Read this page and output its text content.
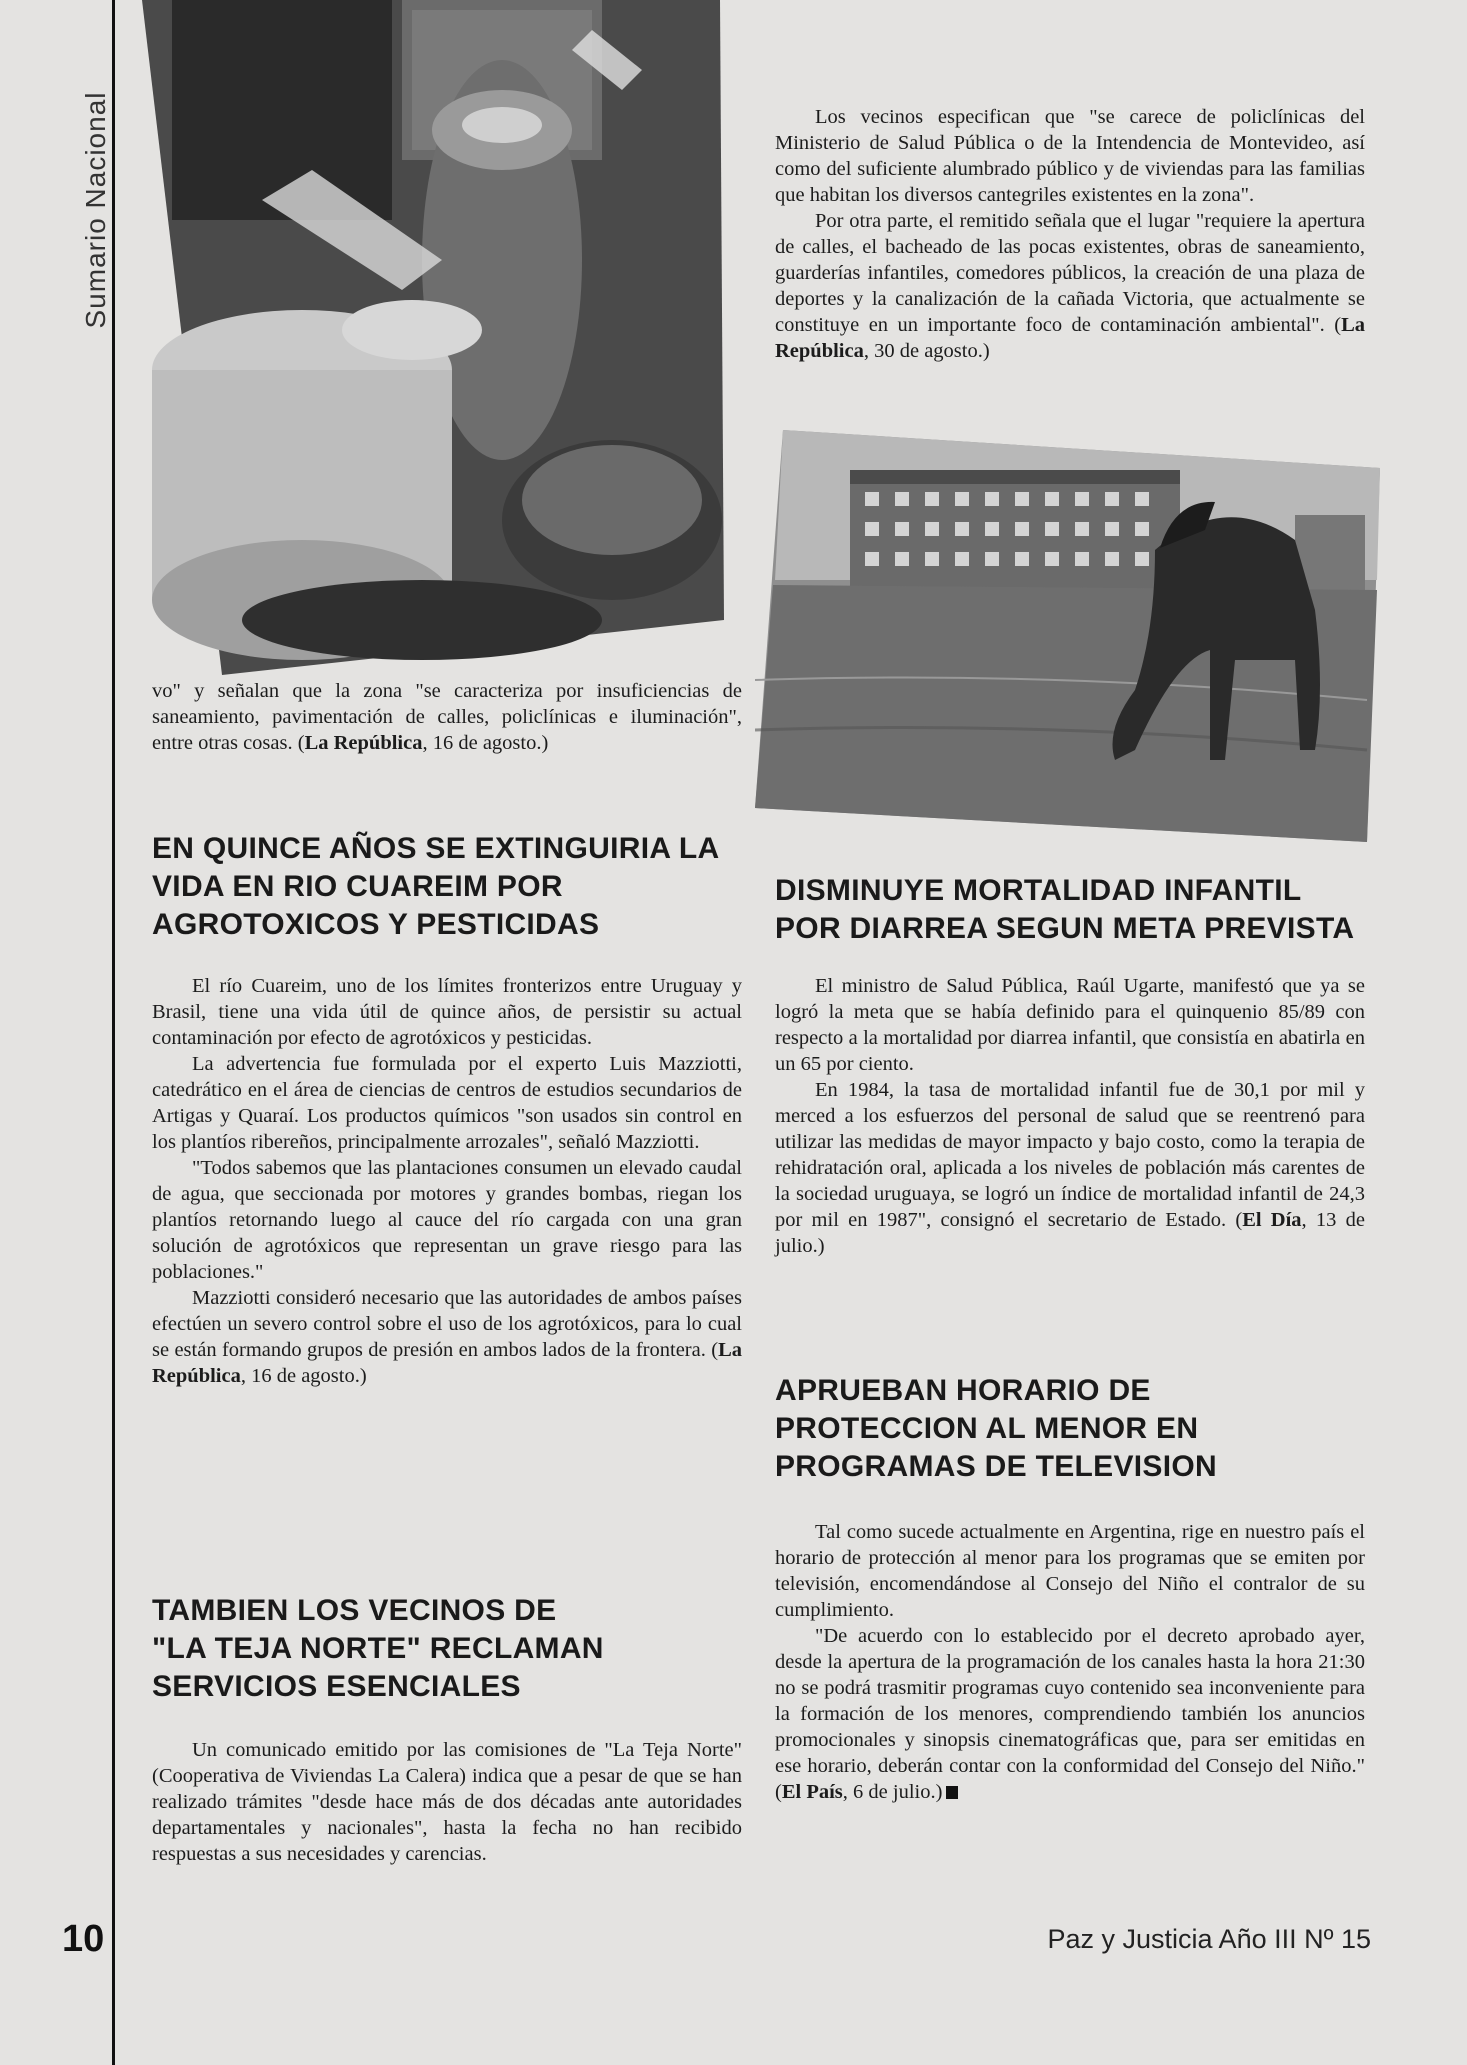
Sumario Nacional

vo" y señalan que la zona "se caracteriza por insuficiencias de saneamiento, pavimentación de calles, policlínicas e iluminación", entre otras cosas. (La República, 16 de agosto.)

EN QUINCE AÑOS SE EXTINGUIRIA LA
VIDA EN RIO CUAREIM POR
AGROTOXICOS Y PESTICIDAS

El río Cuareim, uno de los límites fronterizos entre Uruguay y Brasil, tiene una vida útil de quince años, de persistir su actual contaminación por efecto de agrotóxicos y pesticidas.

La advertencia fue formulada por el experto Luis Mazziotti, catedrático en el área de ciencias de centros de estudios secundarios de Artigas y Quaraí. Los productos químicos "son usados sin control en los plantíos ribereños, principalmente arrozales", señaló Mazziotti.

"Todos sabemos que las plantaciones consumen un elevado caudal de agua, que seccionada por motores y grandes bombas, riegan los plantíos retornando luego al cauce del río cargada con una gran solución de agrotóxicos que representan un grave riesgo para las poblaciones."

Mazziotti consideró necesario que las autoridades de ambos países efectúen un severo control sobre el uso de los agrotóxicos, para lo cual se están formando grupos de presión en ambos lados de la frontera. (La República, 16 de agosto.)

TAMBIEN LOS VECINOS DE
"LA TEJA NORTE" RECLAMAN
SERVICIOS ESENCIALES

Un comunicado emitido por las comisiones de "La Teja Norte" (Cooperativa de Viviendas La Calera) indica que a pesar de que se han realizado trámites "desde hace más de dos décadas ante autoridades departamentales y nacionales", hasta la fecha no han recibido respuestas a sus necesidades y carencias.

Los vecinos especifican que "se carece de policlínicas del Ministerio de Salud Pública o de la Intendencia de Montevideo, así como del suficiente alumbrado público y de viviendas para las familias que habitan los diversos cantegriles existentes en la zona".

Por otra parte, el remitido señala que el lugar "requiere la apertura de calles, el bacheado de las pocas existentes, obras de saneamiento, guarderías infantiles, comedores públicos, la creación de una plaza de deportes y la canalización de la cañada Victoria, que actualmente se constituye en un importante foco de contaminación ambiental". (La República, 30 de agosto.)

DISMINUYE MORTALIDAD INFANTIL
POR DIARREA SEGUN META PREVISTA

El ministro de Salud Pública, Raúl Ugarte, manifestó que ya se logró la meta que se había definido para el quinquenio 85/89 con respecto a la mortalidad por diarrea infantil, que consistía en abatirla en un 65 por ciento.

En 1984, la tasa de mortalidad infantil fue de 30,1 por mil y merced a los esfuerzos del personal de salud que se reentrenó para utilizar las medidas de mayor impacto y bajo costo, como la terapia de rehidratación oral, aplicada a los niveles de población más carentes de la sociedad uruguaya, se logró un índice de mortalidad infantil de 24,3 por mil en 1987", consignó el secretario de Estado. (El Día, 13 de julio.)

APRUEBAN HORARIO DE
PROTECCION AL MENOR EN
PROGRAMAS DE TELEVISION

Tal como sucede actualmente en Argentina, rige en nuestro país el horario de protección al menor para los programas que se emiten por televisión, encomendándose al Consejo del Niño el contralor de su cumplimiento.

"De acuerdo con lo establecido por el decreto aprobado ayer, desde la apertura de la programación de los canales hasta la hora 21:30 no se podrá trasmitir programas cuyo contenido sea inconveniente para la formación de los menores, comprendiendo también los anuncios promocionales y sinopsis cinematográficas que, para ser emitidas en ese horario, deberán contar con la conformidad del Consejo del Niño." (El País, 6 de julio.)

10	Paz y Justicia Año III Nº 15
